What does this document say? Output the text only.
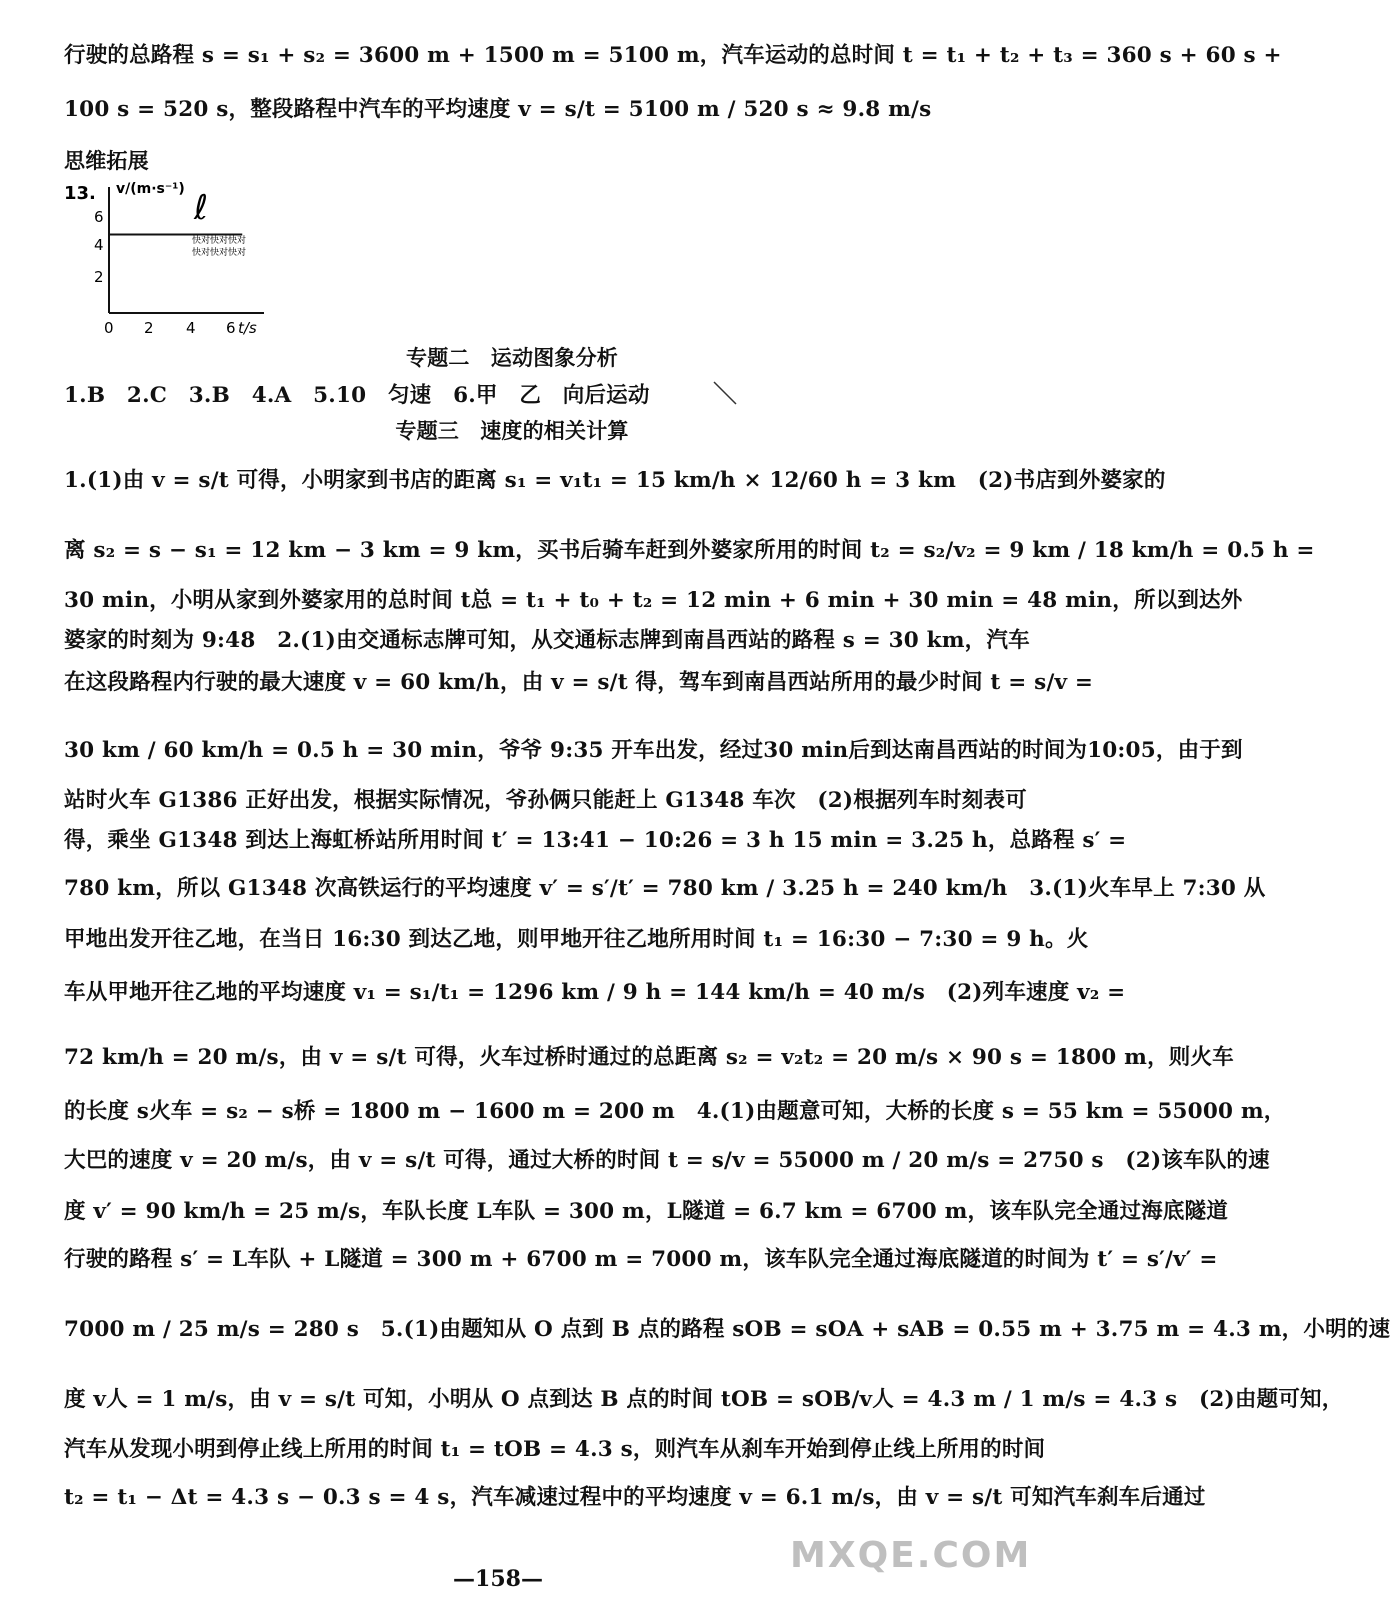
行驶的总路程 s = s₁ + s₂ = 3600 m + 1500 m = 5100 m，汽车运动的总时间 t = t₁ + t₂ + t₃ = 360 s + 60 s +
100 s = 520 s，整段路程中汽车的平均速度 v = s/t = 5100 m / 520 s ≈ 9.8 m/s
思维拓展
13. v/(m·s⁻¹) ℓ
6
4
2
0 2 4 6 t/s
快对快对快对
快对快对快对
专题二　运动图象分析
1.B　2.C　3.B　4.A　5.10　匀速　6.甲　乙　向后运动
专题三　速度的相关计算
1.(1)由 v = s/t 可得，小明家到书店的距离 s₁ = v₁t₁ = 15 km/h × 12/60 h = 3 km　(2)书店到外婆家的
离 s₂ = s − s₁ = 12 km − 3 km = 9 km，买书后骑车赶到外婆家所用的时间 t₂ = s₂/v₂ = 9 km / 18 km/h = 0.5 h =
30 min，小明从家到外婆家用的总时间 t总 = t₁ + t₀ + t₂ = 12 min + 6 min + 30 min = 48 min，所以到达外
婆家的时刻为 9:48　2.(1)由交通标志牌可知，从交通标志牌到南昌西站的路程 s = 30 km，汽车
在这段路程内行驶的最大速度 v = 60 km/h，由 v = s/t 得，驾车到南昌西站所用的最少时间 t = s/v =
30 km / 60 km/h = 0.5 h = 30 min，爷爷 9:35 开车出发，经过30 min后到达南昌西站的时间为10:05，由于到
站时火车 G1386 正好出发，根据实际情况，爷孙俩只能赶上 G1348 车次　(2)根据列车时刻表可
得，乘坐 G1348 到达上海虹桥站所用时间 t′ = 13:41 − 10:26 = 3 h 15 min = 3.25 h，总路程 s′ =
780 km，所以 G1348 次高铁运行的平均速度 v′ = s′/t′ = 780 km / 3.25 h = 240 km/h　3.(1)火车早上 7:30 从
甲地出发开往乙地，在当日 16:30 到达乙地，则甲地开往乙地所用时间 t₁ = 16:30 − 7:30 = 9 h。火
车从甲地开往乙地的平均速度 v₁ = s₁/t₁ = 1296 km / 9 h = 144 km/h = 40 m/s　(2)列车速度 v₂ =
72 km/h = 20 m/s，由 v = s/t 可得，火车过桥时通过的总距离 s₂ = v₂t₂ = 20 m/s × 90 s = 1800 m，则火车
的长度 s火车 = s₂ − s桥 = 1800 m − 1600 m = 200 m　4.(1)由题意可知，大桥的长度 s = 55 km = 55000 m，
大巴的速度 v = 20 m/s，由 v = s/t 可得，通过大桥的时间 t = s/v = 55000 m / 20 m/s = 2750 s　(2)该车队的速
度 v′ = 90 km/h = 25 m/s，车队长度 L车队 = 300 m，L隧道 = 6.7 km = 6700 m，该车队完全通过海底隧道
行驶的路程 s′ = L车队 + L隧道 = 300 m + 6700 m = 7000 m，该车队完全通过海底隧道的时间为 t′ = s′/v′ =
7000 m / 25 m/s = 280 s　5.(1)由题知从 O 点到 B 点的路程 sOB = sOA + sAB = 0.55 m + 3.75 m = 4.3 m，小明的速
度 v人 = 1 m/s，由 v = s/t 可知，小明从 O 点到达 B 点的时间 tOB = sOB/v人 = 4.3 m / 1 m/s = 4.3 s　(2)由题可知，
汽车从发现小明到停止线上所用的时间 t₁ = tOB = 4.3 s，则汽车从刹车开始到停止线上所用的时间
t₂ = t₁ − Δt = 4.3 s − 0.3 s = 4 s，汽车减速过程中的平均速度 v = 6.1 m/s，由 v = s/t 可知汽车刹车后通过
MXQE.COM
—158—
